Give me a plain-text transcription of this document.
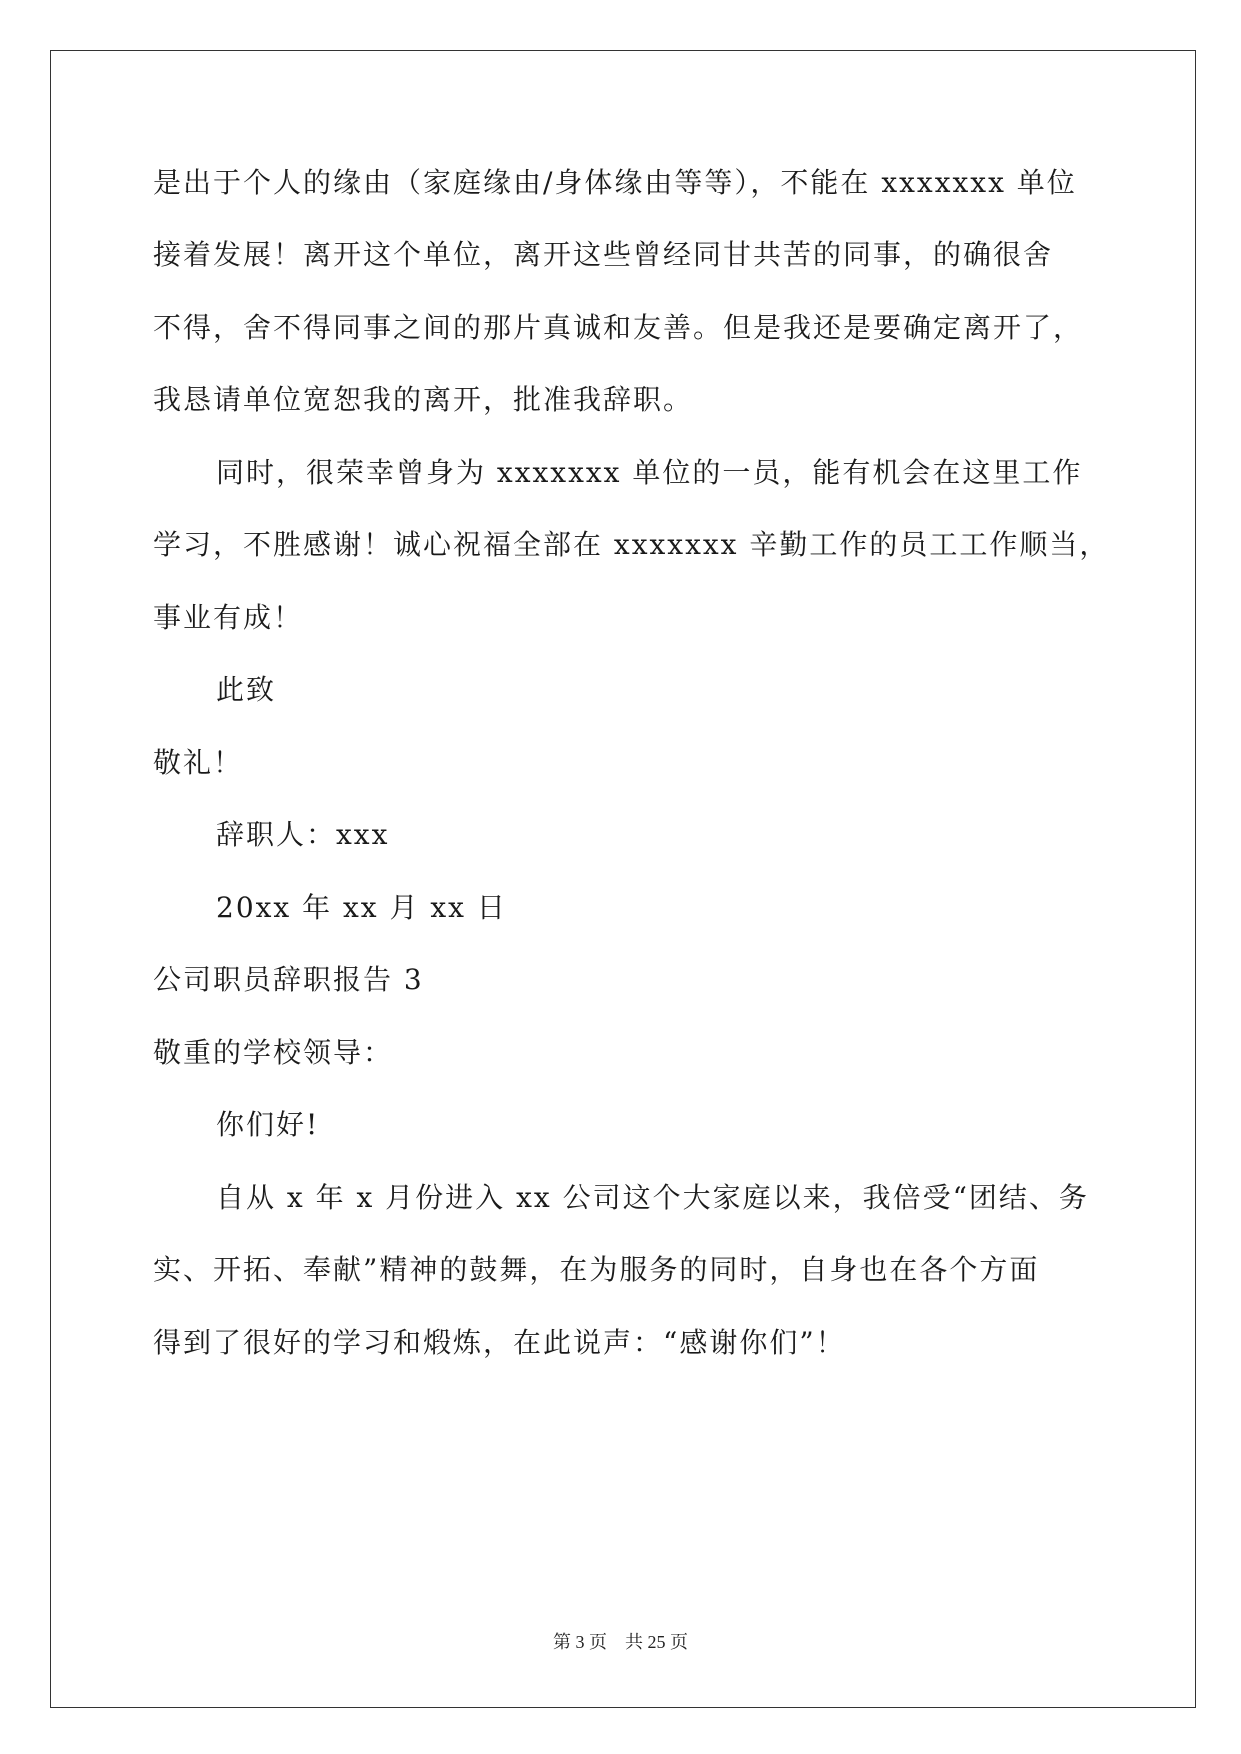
是出于个人的缘由（家庭缘由/身体缘由等等），不能在 xxxxxxx 单位
接着发展！离开这个单位，离开这些曾经同甘共苦的同事，的确很舍
不得，舍不得同事之间的那片真诚和友善。但是我还是要确定离开了，
我恳请单位宽恕我的离开，批准我辞职。
同时，很荣幸曾身为 xxxxxxx 单位的一员，能有机会在这里工作
学习，不胜感谢！诚心祝福全部在 xxxxxxx 辛勤工作的员工工作顺当，
事业有成！
此致
敬礼！
辞职人：xxx
20xx 年 xx 月 xx 日
公司职员辞职报告 3
敬重的学校领导：
你们好!
自从 x 年 x 月份进入 xx 公司这个大家庭以来，我倍受“团结、务
实、开拓、奉献”精神的鼓舞，在为服务的同时，自身也在各个方面
得到了很好的学习和煅炼，在此说声：“感谢你们”！
第 3 页　共 25 页
